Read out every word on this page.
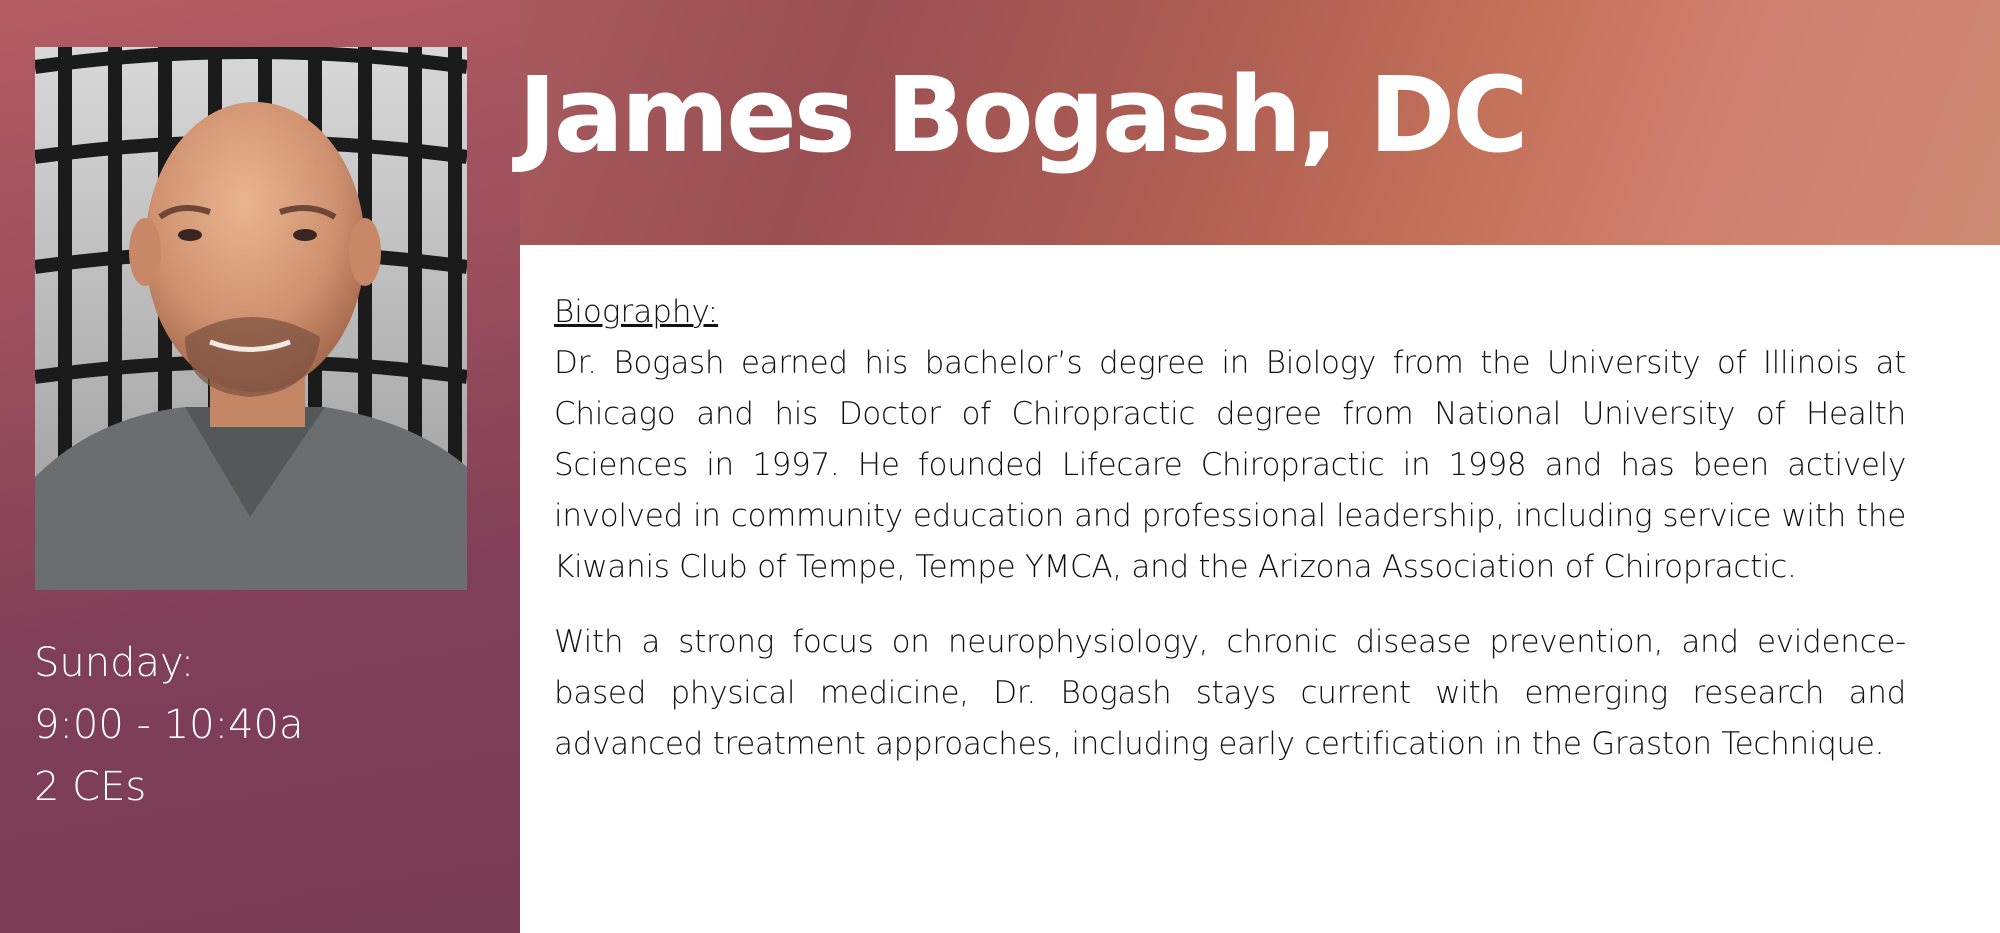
James Bogash, DC
Sunday:
9:00 - 10:40a
2 CEs
Biography:

Dr. Bogash earned his bachelor’s degree in Biology from the University of Illinois at Chicago and his Doctor of Chiropractic degree from National University of Health Sciences in 1997. He founded Lifecare Chiropractic in 1998 and has been actively involved in community education and professional leadership, including service with the Kiwanis Club of Tempe, Tempe YMCA, and the Arizona Association of Chiropractic.

With a strong focus on neurophysiology, chronic disease prevention, and evidence-based physical medicine, Dr. Bogash stays current with emerging research and advanced treatment approaches, including early certification in the Graston Technique.
